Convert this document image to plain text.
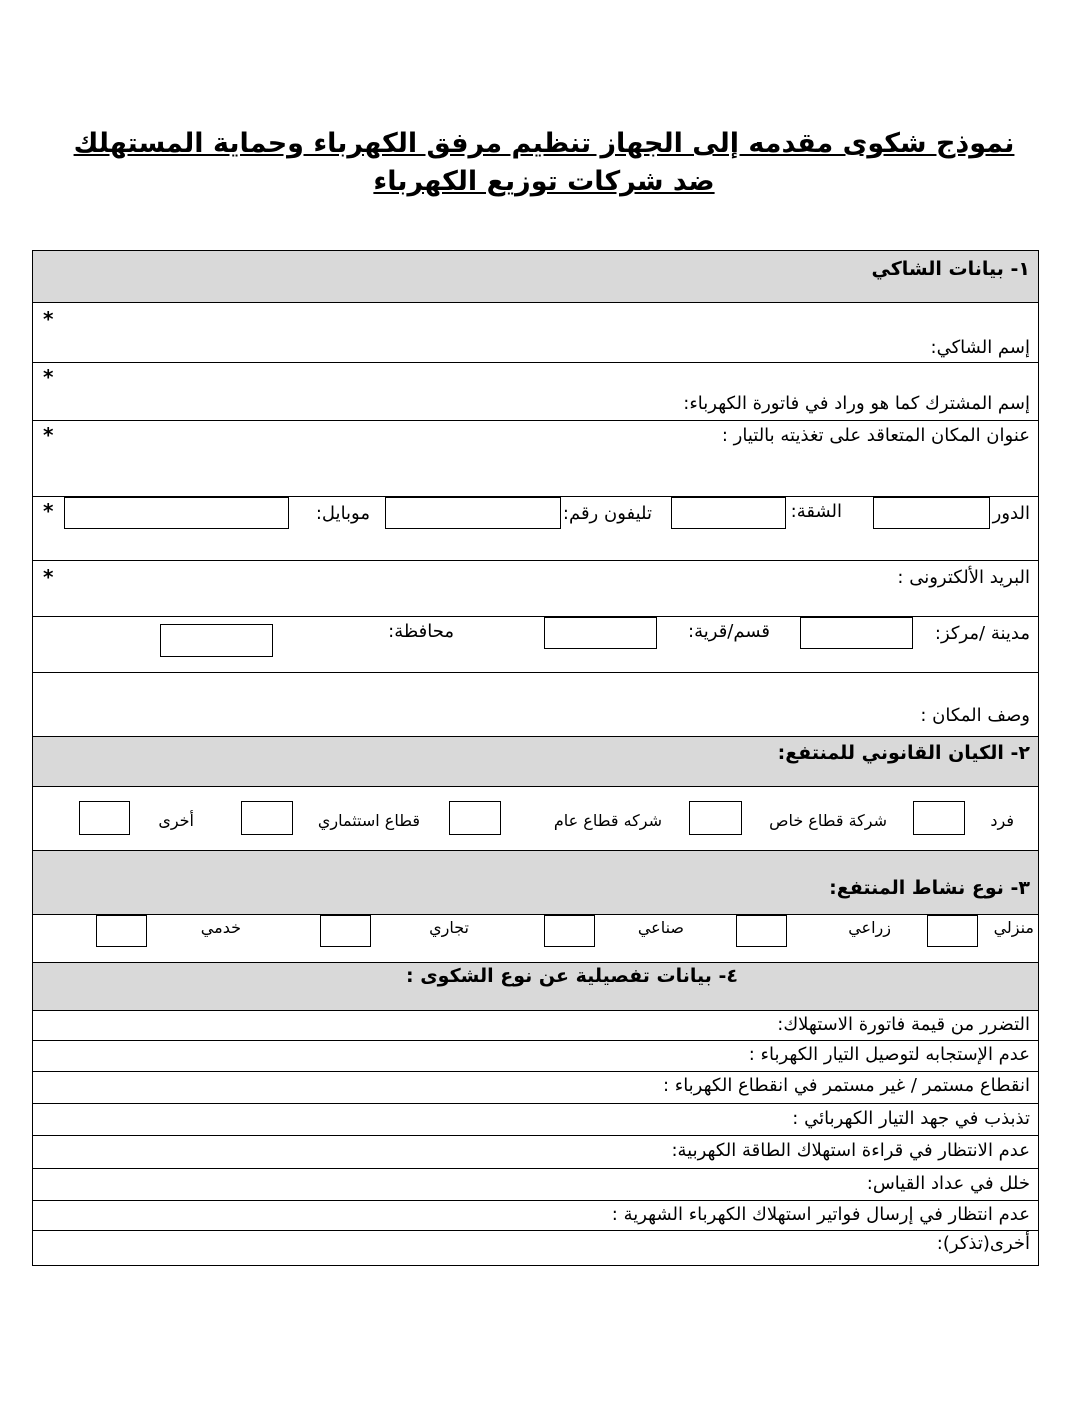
نموذج شكوى مقدمه إلى الجهاز تنظيم مرفق الكهرباء وحماية المستهلك
ضد شركات توزيع الكهرباء
١- بيانات الشاكي
*
إسم الشاكي:
*
إسم المشترك كما هو وراد في فاتورة الكهرباء:
*	عنوان المكان المتعاقد على تغذيته بالتيار :
الدور
الشقة:
تليفون رقم:
موبايل:
*
*	البريد الألكترونى :
مدينة /مركز:
قسم/قرية:
محافظة:
وصف المكان :
٢- الكيان القانوني للمنتفع:
فرد
شركة قطاع خاص
شركه قطاع عام
قطاع استثماري
أخرى
٣- نوع نشاط المنتفع:
منزلي
زراعي
صناعي
تجاري
خدمي
٤- بيانات تفصيلية عن نوع الشكوى :
التضرر من قيمة فاتورة الاستهلاك:
عدم الإستجابه لتوصيل التيار الكهرباء :
انقطاع مستمر / غير مستمر في انقطاع الكهرباء :
تذبذب في جهد التيار الكهربائي :
عدم الانتظار في قراءة استهلاك الطاقة الكهربية:
خلل في عداد القياس:
عدم انتظار في إرسال فواتير استهلاك الكهرباء الشهرية :
أخرى(تذكر):
